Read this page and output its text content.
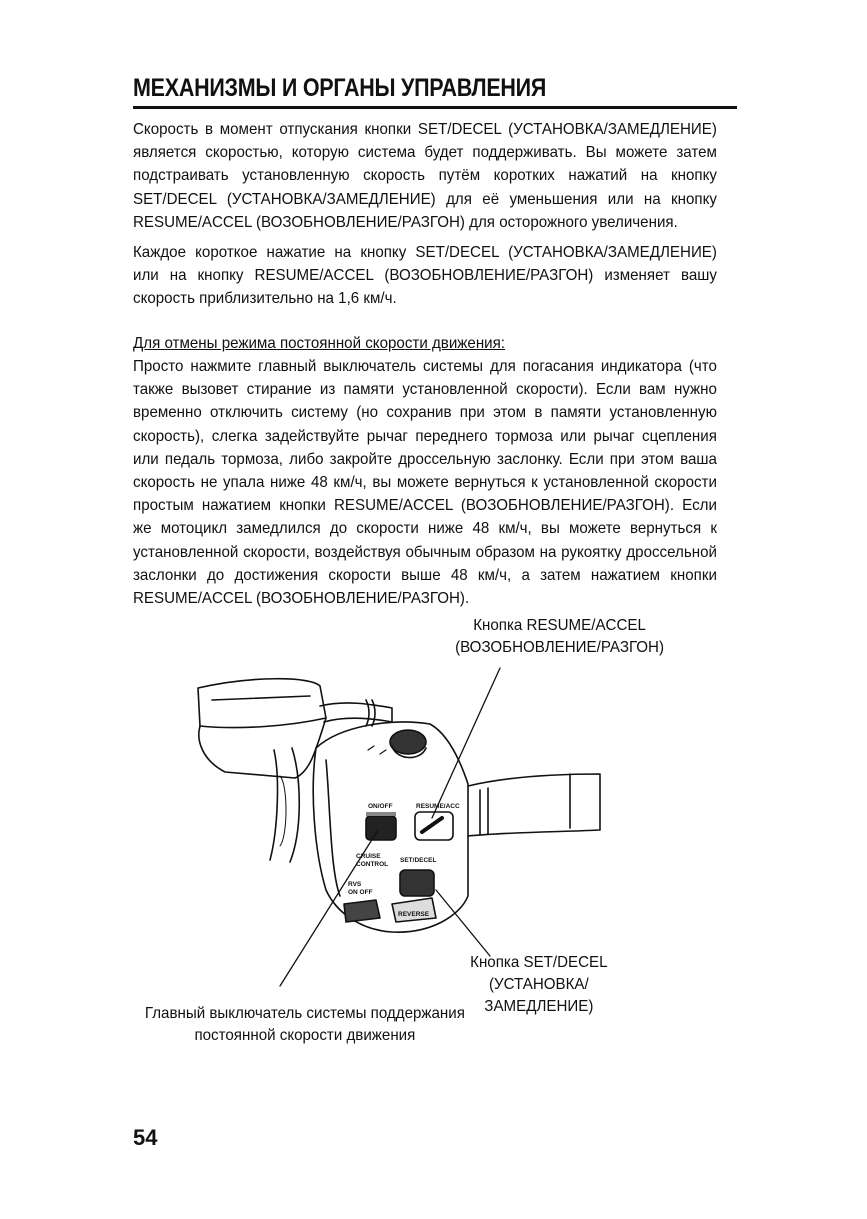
МЕХАНИЗМЫ И ОРГАНЫ УПРАВЛЕНИЯ

Скорость в момент отпускания кнопки SET/DECEL (УСТАНОВКА/ЗАМЕДЛЕНИЕ) является скоростью, которую система будет поддерживать. Вы можете затем подстраивать установленную скорость путём коротких нажатий на кнопку SET/DECEL (УСТАНОВКА/ЗАМЕДЛЕНИЕ) для её уменьшения или на кнопку RESUME/ACCEL (ВОЗОБНОВЛЕНИЕ/РАЗГОН) для осторожного увеличения.

Каждое короткое нажатие на кнопку SET/DECEL (УСТАНОВКА/ЗАМЕДЛЕНИЕ) или на кнопку RESUME/ACCEL (ВОЗОБНОВЛЕНИЕ/РАЗГОН) изменяет вашу скорость приблизительно на 1,6 км/ч.

Для отмены режима постоянной скорости движения:

Просто нажмите главный выключатель системы для погасания индикатора (что также вызовет стирание из памяти установленной скорости). Если вам нужно временно отключить систему (но сохранив при этом в памяти установленную скорость), слегка задействуйте рычаг переднего тормоза или рычаг сцепления или педаль тормоза, либо закройте дроссельную заслонку. Если при этом ваша скорость не упала ниже 48 км/ч, вы можете вернуться к установленной скорости простым нажатием кнопки RESUME/ACCEL (ВОЗОБНОВЛЕНИЕ/РАЗГОН). Если же мотоцикл замедлился до скорости ниже 48 км/ч, вы можете вернуться к установленной скорости, воздействуя обычным образом на рукоятку дроссельной заслонки до достижения скорости выше 48 км/ч, а затем нажатием кнопки RESUME/ACCEL (ВОЗОБНОВЛЕНИЕ/РАЗГОН).

Кнопка RESUME/ACCEL
(ВОЗОБНОВЛЕНИЕ/РАЗГОН)

ON/OFF	RESUME/ACC
SET/DECEL
CRUISE
CONTROL
RVS
ON OFF
REVERSE

Кнопка SET/DECEL
(УСТАНОВКА/ЗАМЕДЛЕНИЕ)

Главный выключатель системы поддержания
постоянной скорости движения

54
